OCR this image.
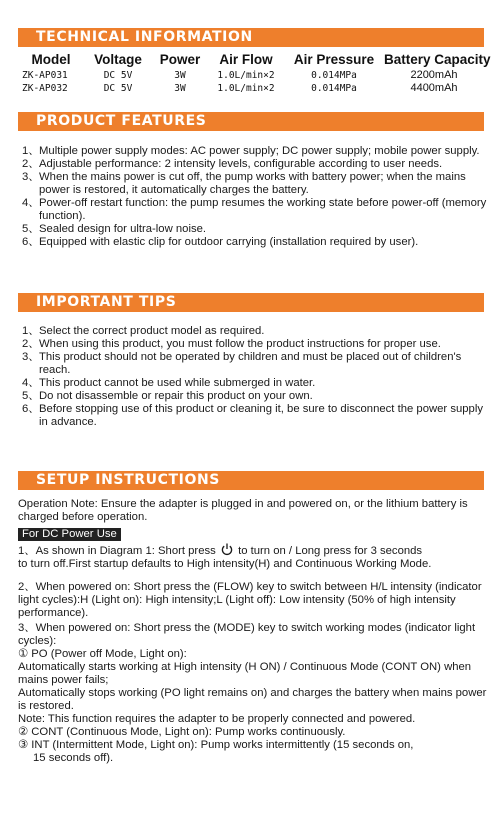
TECHNICAL INFORMATION
Model	Voltage	Power	Air Flow	Air Pressure	Battery Capacity
ZK-AP031	DC 5V	3W	1.0L/min×2	0.014MPa	2200mAh
ZK-AP032	DC 5V	3W	1.0L/min×2	0.014MPa	4400mAh
PRODUCT FEATURES
1、Multiple power supply modes: AC power supply; DC power supply; mobile power supply.
2、Adjustable performance: 2 intensity levels, configurable according to user needs.
3、When the mains power is cut off, the pump works with battery power; when the mains power is restored, it automatically charges the battery.
4、Power-off restart function: the pump resumes the working state before power-off (memory function).
5、Sealed design for ultra-low noise.
6、Equipped with elastic clip for outdoor carrying (installation required by user).
IMPORTANT TIPS
1、Select the correct product model as required.
2、When using this product, you must follow the product instructions for proper use.
3、This product should not be operated by children and must be placed out of children's reach.
4、This product cannot be used while submerged in water.
5、Do not disassemble or repair this product on your own.
6、Before stopping use of this product or cleaning it, be sure to disconnect the power supply in advance.
SETUP INSTRUCTIONS

Operation Note: Ensure the adapter is plugged in and powered on, or the lithium battery is charged before operation.

For DC Power Use

1、As shown in Diagram 1: Short press to turn on / Long press for 3 seconds
to turn off.First startup defaults to High intensity(H) and Continuous Working Mode.

2、When powered on: Short press the (FLOW) key to switch between H/L intensity (indicator light cycles):H (Light on): High intensity;L (Light off): Low intensity (50% of high intensity performance).

3、When powered on: Short press the (MODE) key to switch working modes (indicator light cycles):

① PO (Power off Mode, Light on):

Automatically starts working at High intensity (H ON) / Continuous Mode (CONT ON) when mains power fails;

Automatically stops working (PO light remains on) and charges the battery when mains power is restored.

Note: This function requires the adapter to be properly connected and powered.

② CONT (Continuous Mode, Light on): Pump works continuously.

③ INT (Intermittent Mode, Light on): Pump works intermittently (15 seconds on,
15 seconds off).
